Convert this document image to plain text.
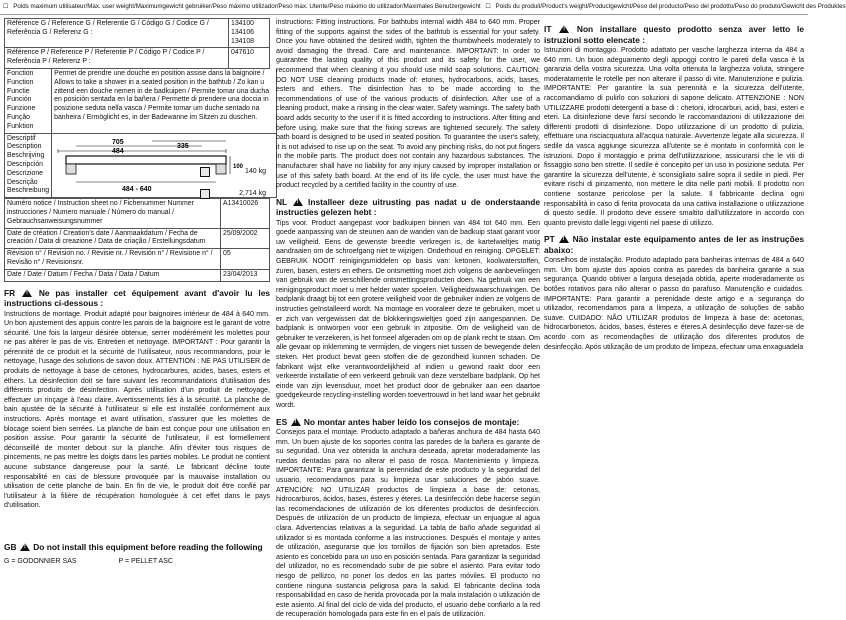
☐ Poids maximum utilisateur/Max. user weight/Maximumgewicht gebruiker/Peso máximo utilizador/Peso max. Utente/Peso máximo do utilizador/Maximales Benutzergewicht ☐ Poids du produit/Product's weight/Productgewicht/Peso del producto/Peso del prodotto/Peso do produto/Gewicht des Produktes
Référence G / Reference G / Referentie G / Código G / Codice G / Referência G / Referenz G :	134100 134106 134108
Référence P / Reference P / Referentie P / Código P / Codice P / Referência P / Referenz P :	047610
Fonction Function Functie Función Funzione Função Funktion	Permet de prendre une douche en position assise dans la baignoire / Allows to take a shower in a seated position in the bathtub / Zo kan u zittend een douche nemen in de badkuipen / Permite tomar una ducha en posición sentada en la bañera / Permette di prendere una doccia in posizione seduta nella vasca / Permite tomar um duche sentado na banheira / Ermöglicht es, in der Badewanne im Sitzen zu duschen.
Descriptif Description Beschrijving Descripción Descrizione Descrição Beschreibung	705
484
335
484 - 640
100
140 kg
2,714 kg
Numéro notice / Instruction sheet no / Fichenummer Nummer instrucciones / Numero manuale / Número do manual / Gebrauchsanweisungsnummer	A13410026
Date de création / Creation's date / Aanmaakdatum / Fecha de creación / Data di creazione / Data de criação / Erstellungsdatum	25/09/2002
Révision n° / Revision no. / Revisie nr. / Revisión n° / Revisione n° / Revisão n° / Revisionsnr.	05
Date / Date / Datum / Fecha / Data / Data / Datum	23/04/2013
FR !	Ne pas installer cet équipement avant d'avoir lu les instructions ci-dessous :

Instructions de montage. Produit adapté pour baignoires intérieur de 484 à 640 mm. Un bon ajustement des appuis contre les parois de la baignoire est le garant de votre sécurité. Une fois la largeur désirée obtenue, serrer modérément les molettes pour ne pas altérer le pas de vis. Entretien et nettoyage. IMPORTANT : Pour garantir la pérennité de ce produit et la sécurité de l'utilisateur, nous recommandons, pour le nettoyage, l'usage des solutions de savon doux. ATTENTION : NE PAS UTILISER de produits de nettoyage à base de cétones, hydrocarbures, acides, bases, esters et éthers. La désinfection doit se faire suivant les recommandations d'utilisation des différents produits de désinfection. Après utilisation d'un produit de nettoyage, effectuer un rinçage à l'eau claire. Avertissements liés à la sécurité. La planche de bain ajustée de la sécurité à l'utilisateur si elle est installée conformément aux instructions. Après montage et avant utilisation, s'assurer que les molettes de blocage soient bien serrées. La planche de bain est conçue pour une utilisation en position assise. Pour garantir la sécurité de l'utilisateur, il est formellement déconseillé de monter debout sur la planche. Afin d'éviter tous risques de pincements, ne pas mettre les doigts dans les parties mobiles. Le produit ne contient aucune substance dangereuse pour la santé. Le fabricant décline toute responsabilité en cas de blessure provoquée par la mauvaise installation ou utilisation de cette planche de bain. En fin de vie, le produit doit être confié par l'utilisateur à la filière de récupération homologuée à cet effet dans le pays d'utilisation.

GB ! Do not install this equipment before reading the following
G = GODONNIER SAS	P = PELLET ASC

instructions: Fitting instructions. For bathtubs internal width 484 to 640 mm. Proper fitting of the supports against the sides of the bathtub is essential for your safety. Once you have obtained the desired width, tighten the thumbwheels moderately to avoid damaging the thread. Care and maintenance. IMPORTANT: In order to guarantee the lasting quality of this product and its safety for the user, we recommend that when cleaning it you should use mild soap solutions. CAUTION: DO NOT USE cleaning products made of: etones, hydrocarbons, acids, bases, esters and ethers. The disinfection has to be made according to the recommendations of use of the various products of disinfection. After use of a cleaning product, make a rinsing in the clear water. Safety warnings. The safety bath board adds security to the user if it is fitted according to instructions. After fitting and before using, make sure that the fixing screws are tightened securely. The safety bath board is designed to be used in seated position. To guarantee the user's safety, it is not advised to rise up on the seat. To avoid any pinching risks, do not put fingers in the mobile parts. The product does not contain any hazardous substances. The manufacturer shall have no liability for any injury caused by improper installation or use of this safety bath board. At the end of its life cycle, the user must have the product recycled by a certified facility in the country of use.

NL !	Installeer deze uitrusting pas nadat u de onderstaande instructies gelezen hebt :

Tips voor. Product aangepast voor badkuipen binnen van 484 tot 640 mm. Een goede aanpassing van de steunen aan de wanden van de badkuip staat garant voor uw veiligheid. Eens de gewenste breedte verkregen is, de kartelwieltjes matig aandraaien om de schroefgang niet te wijzigen. Onderhoud en reiniging. OPGELET: GEBRUIK NOOIT reinigingsmiddelen op basis van: ketonen, koolwaterstoffen, zuren, basen, esters en ethers. De ontsmetting moet zich volgens de aanbevelingen van gebruik van de verschillende ontsmettingsproducten doen. Na gebruik van een reinigingsproduct moet u met helder water spoelen. Veiligheidswaarschuwingen. De badplank draagt bij tot een grotere veiligheid voor de gebruiker indien ze volgens de instructies geïnstalleerd wordt. Na montage en vooraleer deze te gebruiken, moet u er zich van vergewissen dat de blokkeringswieltjes goed zijn aangespannen. De badplank is ontworpen voor een gebruik in zitpositie. Om de veiligheid van de gebruiker te verzekeren, is het formeel afgeraden om op de plank recht te staan. Om alle gevaar op inklemming te vermijden, de vingers niet tussen de bewegende delen steken. Het product bevat geen stoffen die de gezondheid kunnen schaden. De fabrikant wijst elke verantwoordelijkheid af indien u gewond raakt door een verkeerde installatie of een verkeerd gebruik van deze verstelbare badplank. Op het einde van zijn levensduur, moet het product door de gebruiker aan een daartoe goedgekeurde recycling-instelling worden toevertrouwd in het land waar het gebruikt wordt.

ES ! No montar antes haber leído los consejos de montaje:

Consejos para el montaje. Producto adaptado a bañeras anchura de 484 hasta 640 mm. Un buen ajuste de los soportes contra las paredes de la bañera es garante de su seguridad. Una vez obtenida la anchura deseada, apretar moderadamente las ruedas dentadas para no alterar el paso de rosca. Mantenimiento y limpieza. IMPORTANTE: Para garantizar la perennidad de este producto y la seguridad del usuario, recomendamos para su limpieza usar soluciones de jabón suave. ATENCIÓN: NO UTILIZAR productos de limpieza a base de: cetonas, hidrocarburos, ácidos, bases, ésteres y éteres. La desinfección debe hacerse según las recomendaciones de utilización de los diferentes productos de desinfección. Después de utilización de un producto de limpieza, efectuar un enjuague al agua clara. Advertencias relativas a la seguridad. La tabla de baño añade seguridad al utilizador si es montada conforme a las instrucciones. Después el montaje y antes de utilización, asegurarse que los tornillos de fijación son bien apretados. Este asiento es concebido para un uso en posición sentada. Para garantizar la seguridad del utilizador, no es recomendado subir de pie sobre el asiento. Para evitar todo riesgo de pellizco, no poner los dedos en las partes móviles. El producto no contiene ninguna sustancia peligrosa para la salud. El fabricante declina toda responsabilidad en caso de herida provocada por la mala instalación o utilización de este asiento. Al final del ciclo de vida del producto, el usuario debe confiarlo a la red de recuperación homologada para este fin en el país de utilización.

IT !	Non installare questo prodotto senza aver letto le istruzioni sotto elencate :

Istruzioni di montaggio. Prodotto adattato per vasche larghezza interna da 484 a 640 mm. Un buon adeguamento degli appoggi contro le pareti della vasca è la garanzia della vostra sicurezza. Una volta ottenuta la larghezza voluta, stringere moderatamente le rotelle per non alterare il passo di vite. Manutenzione e pulizia. IMPORTANTE: Per garantire la sua perennità e la sicurezza dell'utente, raccomandiamo di pulirlo con soluzioni di sapone delicato. ATTENZIONE : NON UTILIZZARE prodotti detergenti a base di : chetoni, idrocarburi, acidi, basi, esteri e eteri. La disinfezione deve farsi secondo le raccomandazioni di utilizzazione dei differenti prodotti di disinfezione. Dopo utilizzazione di un prodotto di pulizia, effettuare una risciacquatura all'acqua naturale. Avvertenze legate alla sicurezza. Il sedile da vasca aggiunge sicurezza all'utente se è montato in conformità con le istruzioni. Dopo il montaggio e prima dell'utilizzazione, assicurarsi che le viti di fissaggio sono ben strette. Il sedile è concepito per un uso in posizione seduta. Per garantire la sicurezza dell'utente, è sconsigliato salire sopra il sedile in piedi. Per evitare rischi di pinzamento, non mettere le dita nelle parti mobili. Il prodotto non contiene sostanze pericolose per la salute. Il fabbricante declina ogni responsabilità in caso di ferita provocata da una cattiva installazione o utilizzazione di questo sedile. Il prodotto deve essere smaltito dall'utilizzatore in accordo con quanto previsto dalle leggi vigenti nel paese di utilizzo.

PT ! Não instalar este equipamento antes de ler as instruções abaixo:

Conselhos de instalação. Produto adaptado para banheiras internas de 484 a 640 mm. Um bom ajuste dos apoios contra as paredes da banheira garante a sua segurança. Quando obtiver a largura desejada obtida, aperte moderadamente os botões rotativos para não alterar o passo do parafuso. Manutenção e cuidados. IMPORTANTE: Para garantir a perenidade deste artigo e a segurança do utilizador, recomendamos para a limpeza, a utilização de soluções de sabão suave. CUIDADO: NÃO UTILIZAR produtos de limpeza à base de: acetonas, hidrocarbonetos, ácidos, bases, ésteres e éteres.A desinfecção deve fazer-se de acordo com as recomendações de utilização dos diferentes produtos de desinfecção. Após utilização de um produto de limpeza, efectuar uma enxaguadela
